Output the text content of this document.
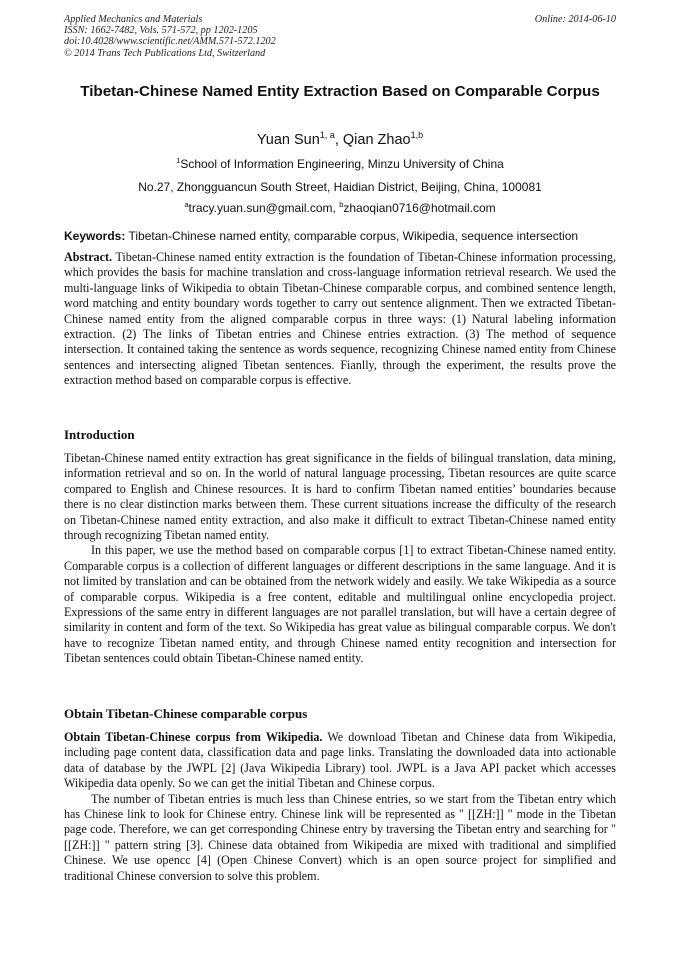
Applied Mechanics and Materials
ISSN: 1662-7482, Vols. 571-572, pp 1202-1205
doi:10.4028/www.scientific.net/AMM.571-572.1202
© 2014 Trans Tech Publications Ltd, Switzerland
Online: 2014-06-10
Tibetan-Chinese Named Entity Extraction Based on Comparable Corpus
Yuan Sun$^{1, a}$, Qian Zhao$^{1,b}$
$^1$School of Information Engineering, Minzu University of China
No.27, Zhongguancun South Street, Haidian District, Beijing, China, 100081
$^a$tracy.yuan.sun@gmail.com, $^b$zhaoqian0716@hotmail.com
Keywords: Tibetan-Chinese named entity, comparable corpus, Wikipedia, sequence intersection

Abstract. Tibetan-Chinese named entity extraction is the foundation of Tibetan-Chinese information processing, which provides the basis for machine translation and cross-language information retrieval research. We used the multi-language links of Wikipedia to obtain Tibetan-Chinese comparable corpus, and combined sentence length, word matching and entity boundary words together to carry out sentence alignment. Then we extracted Tibetan-Chinese named entity from the aligned comparable corpus in three ways: (1) Natural labeling information extraction. (2) The links of Tibetan entries and Chinese entries extraction. (3) The method of sequence intersection. It contained taking the sentence as words sequence, recognizing Chinese named entity from Chinese sentences and intersecting aligned Tibetan sentences. Fianlly, through the experiment, the results prove the extraction method based on comparable corpus is effective.

Introduction

Tibetan-Chinese named entity extraction has great significance in the fields of bilingual translation, data mining, information retrieval and so on. In the world of natural language processing, Tibetan resources are quite scarce compared to English and Chinese resources. It is hard to confirm Tibetan named entities’ boundaries because there is no clear distinction marks between them. These current situations increase the difficulty of the research on Tibetan-Chinese named entity extraction, and also make it difficult to extract Tibetan-Chinese named entity through recognizing Tibetan named entity.

In this paper, we use the method based on comparable corpus [1] to extract Tibetan-Chinese named entity. Comparable corpus is a collection of different languages or different descriptions in the same language. And it is not limited by translation and can be obtained from the network widely and easily. We take Wikipedia as a source of comparable corpus. Wikipedia is a free content, editable and multilingual online encyclopedia project. Expressions of the same entry in different languages are not parallel translation, but will have a certain degree of similarity in content and form of the text. So Wikipedia has great value as bilingual comparable corpus. We don't have to recognize Tibetan named entity, and through Chinese named entity recognition and intersection for Tibetan sentences could obtain Tibetan-Chinese named entity.

Obtain Tibetan-Chinese comparable corpus

Obtain Tibetan-Chinese corpus from Wikipedia. We download Tibetan and Chinese data from Wikipedia, including page content data, classification data and page links. Translating the downloaded data into actionable data of database by the JWPL [2] (Java Wikipedia Library) tool. JWPL is a Java API packet which accesses Wikipedia data openly. So we can get the initial Tibetan and Chinese corpus.

The number of Tibetan entries is much less than Chinese entries, so we start from the Tibetan entry which has Chinese link to look for Chinese entry. Chinese link will be represented as " [[ZH:]] " mode in the Tibetan page code. Therefore, we can get corresponding Chinese entry by traversing the Tibetan entry and searching for " [[ZH:]] " pattern string [3]. Chinese data obtained from Wikipedia are mixed with traditional and simplified Chinese. We use opencc [4] (Open Chinese Convert) which is an open source project for simplified and traditional Chinese conversion to solve this problem.
